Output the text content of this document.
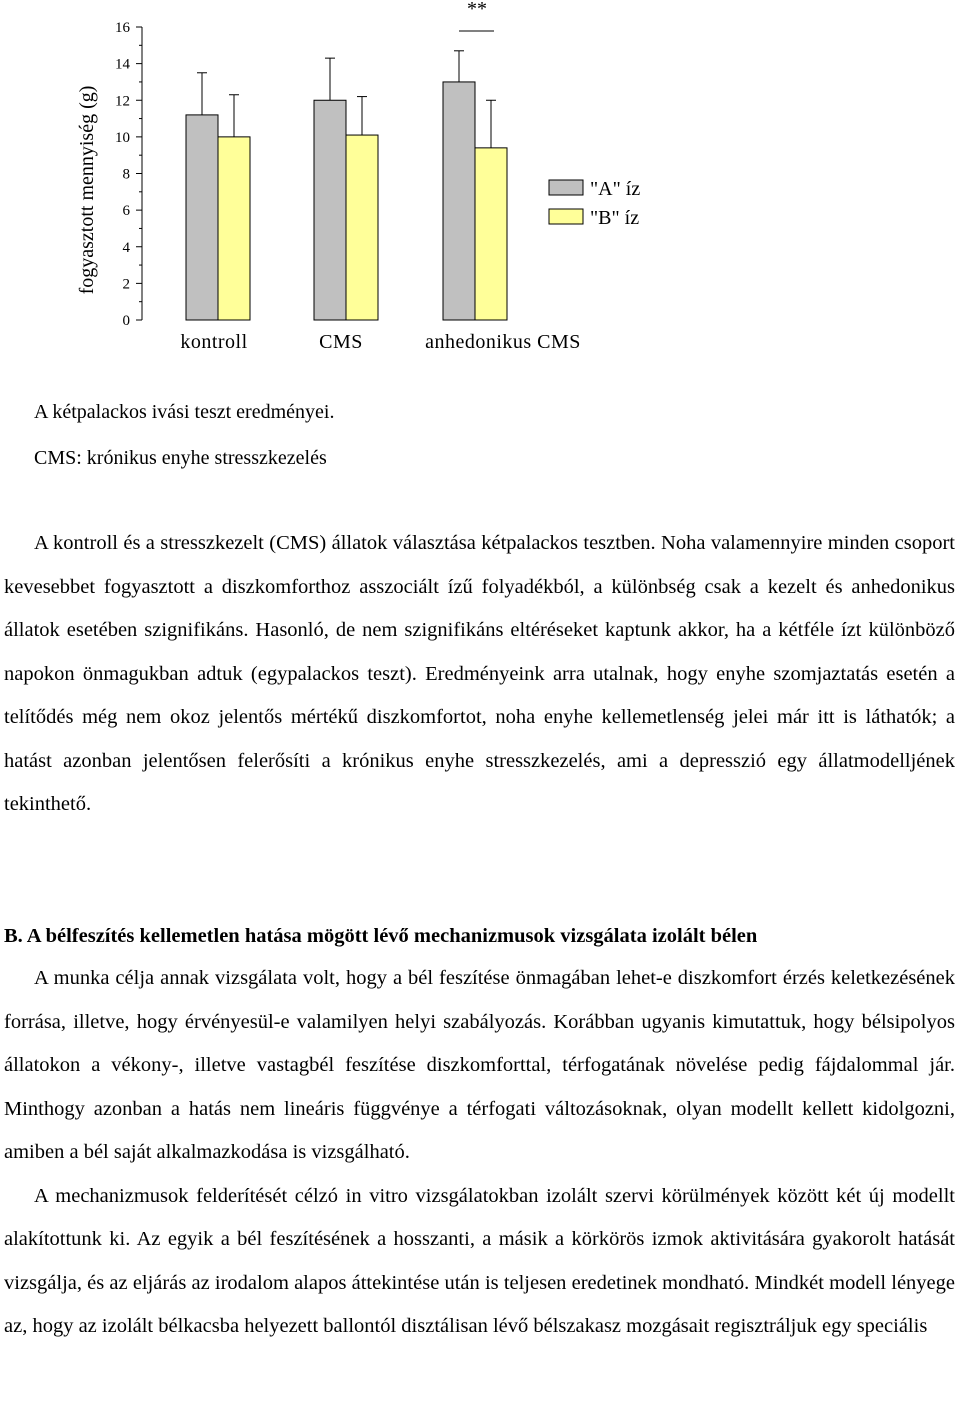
fogyasztott mennyiség (g)
0
2
4
6
8
10
12
14
16
kontroll	CMS	anhedonikus CMS
"A" íz
"B" íz
**
A kétpalackos ivási teszt eredményei.
CMS: krónikus enyhe stresszkezelés

A kontroll és a stresszkezelt (CMS) állatok választása kétpalackos tesztben. Noha valamennyire minden csoport kevesebbet fogyasztott a diszkomforthoz asszociált ízű folyadékból, a különbség csak a kezelt és anhedonikus állatok esetében szignifikáns. Hasonló, de nem szignifikáns eltéréseket kaptunk akkor, ha a kétféle ízt különböző napokon önmagukban adtuk (egypalackos teszt). Eredményeink arra utalnak, hogy enyhe szomjaztatás esetén a telítődés még nem okoz jelentős mértékű diszkomfortot, noha enyhe kellemetlenség jelei már itt is láthatók; a hatást azonban jelentősen felerősíti a krónikus enyhe stresszkezelés, ami a depresszió egy állatmodelljének tekinthető.

B. A bélfeszítés kellemetlen hatása mögött lévő mechanizmusok vizsgálata izolált bélen

A munka célja annak vizsgálata volt, hogy a bél feszítése önmagában lehet-e diszkomfort érzés keletkezésének forrása, illetve, hogy érvényesül-e valamilyen helyi szabályozás. Korábban ugyanis kimutattuk, hogy bélsipolyos állatokon a vékony-, illetve vastagbél feszítése diszkomforttal, térfogatának növelése pedig fájdalommal jár. Minthogy azonban a hatás nem lineáris függvénye a térfogati változásoknak, olyan modellt kellett kidolgozni, amiben a bél saját alkalmazkodása is vizsgálható.

A mechanizmusok felderítését célzó in vitro vizsgálatokban izolált szervi körülmények között két új modellt alakítottunk ki. Az egyik a bél feszítésének a hosszanti, a másik a körkörös izmok aktivitására gyakorolt hatását vizsgálja, és az eljárás az irodalom alapos áttekintése után is teljesen eredetinek mondható. Mindkét modell lényege az, hogy az izolált bélkacsba helyezett ballontól disztálisan lévő bélszakasz mozgásait regisztráljuk egy speciális
